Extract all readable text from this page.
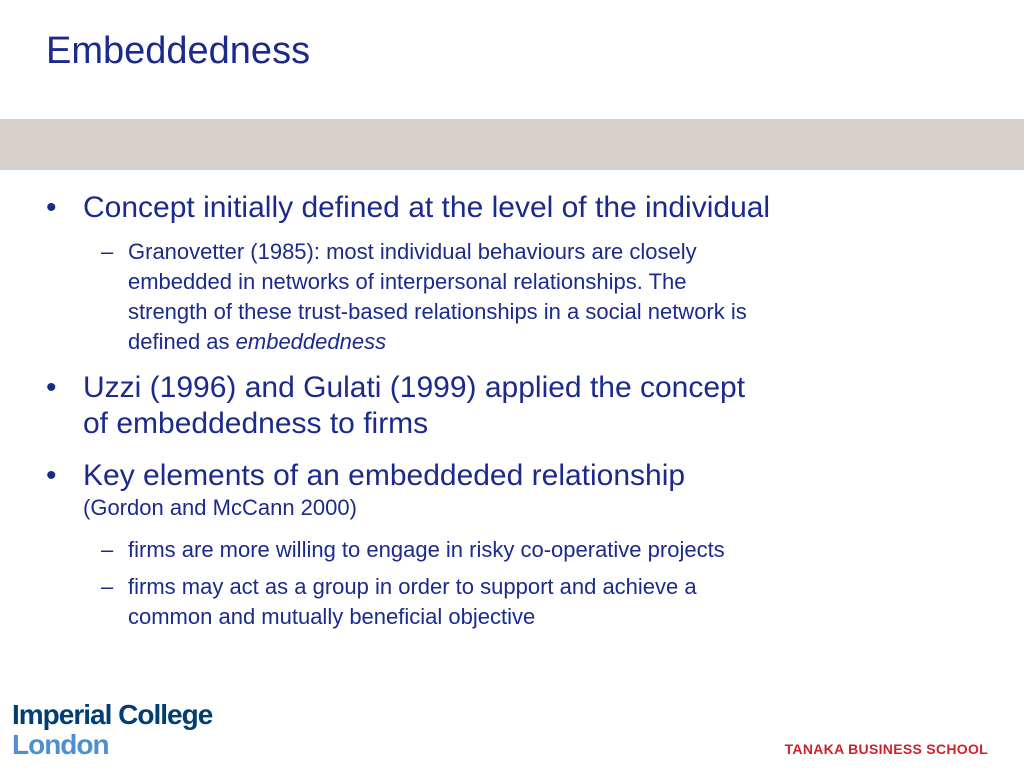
Embeddedness
• Concept initially defined at the level of the individual
– Granovetter (1985): most individual behaviours are closely
embedded in networks of interpersonal relationships. The
strength of these trust-based relationships in a social network is
defined as embeddedness
• Uzzi (1996) and Gulati (1999) applied the concept
of embeddedness to firms
• Key elements of an embeddeded relationship
(Gordon and McCann 2000)
– firms are more willing to engage in risky co-operative projects
– firms may act as a group in order to support and achieve a
common and mutually beneficial objective
Imperial College
London	TANAKA BUSINESS SCHOOL
